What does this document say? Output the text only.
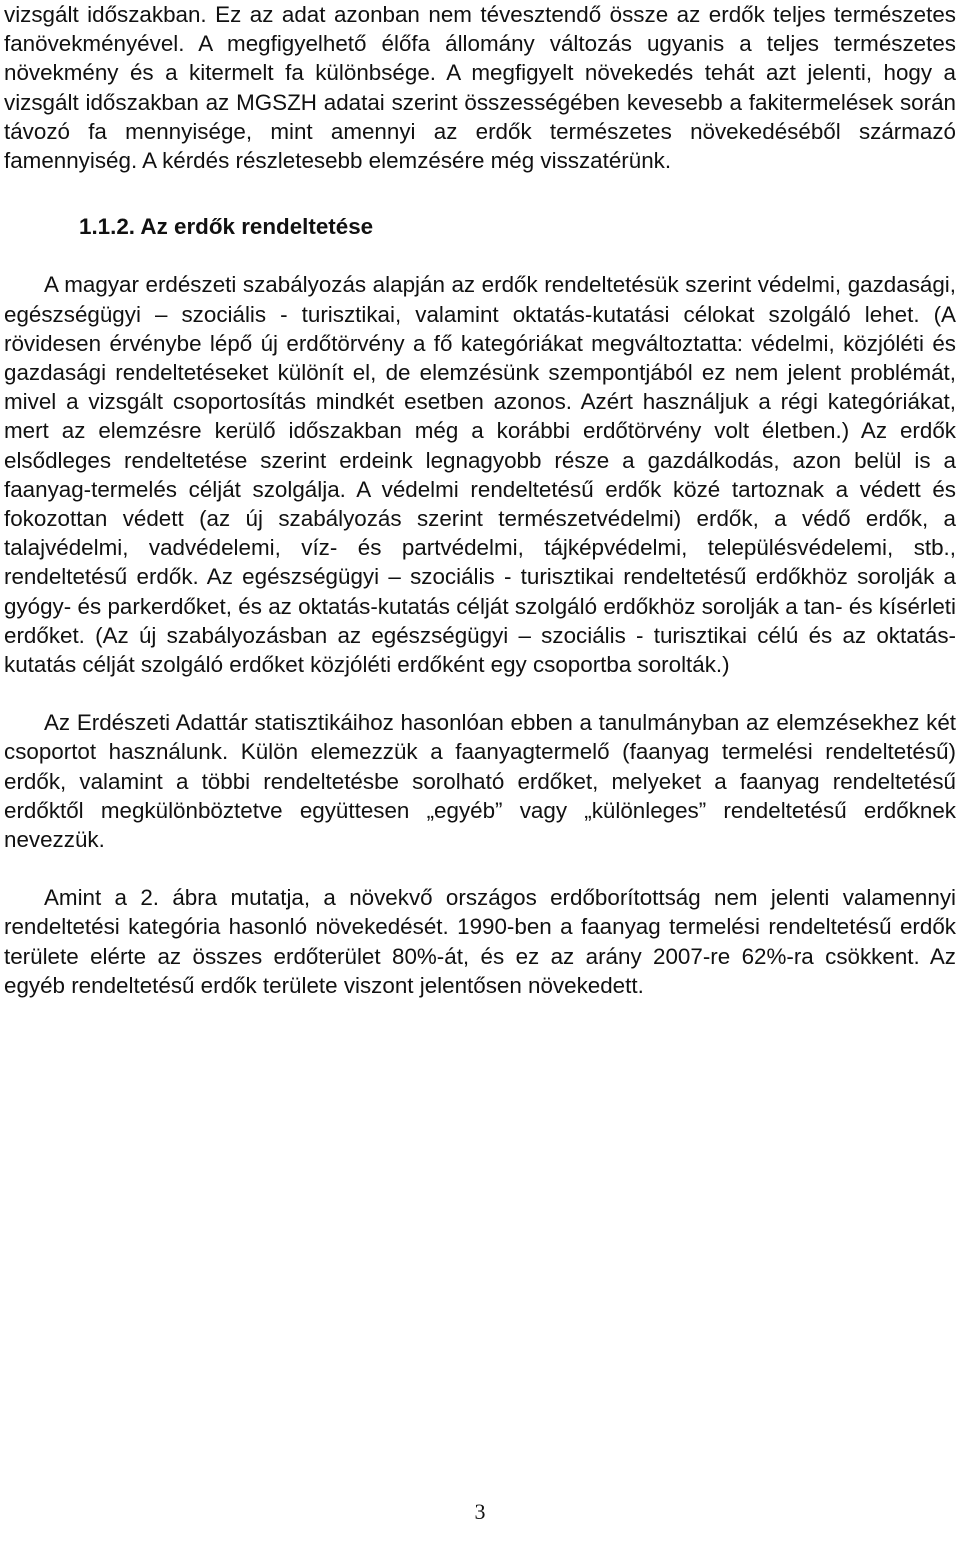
vizsgált időszakban. Ez az adat azonban nem tévesztendő össze az erdők teljes természetes fanövekményével. A megfigyelhető élőfa állomány változás ugyanis a teljes természetes növekmény és a kitermelt fa különbsége. A megfigyelt növekedés tehát azt jelenti, hogy a vizsgált időszakban az MGSZH adatai szerint összességében kevesebb a fakitermelések során távozó fa mennyisége, mint amennyi az erdők természetes növekedéséből származó famennyiség. A kérdés részletesebb elemzésére még visszatérünk.

1.1.2. Az erdők rendeltetése

A magyar erdészeti szabályozás alapján az erdők rendeltetésük szerint védelmi, gazdasági, egészségügyi – szociális - turisztikai, valamint oktatás-kutatási célokat szolgáló lehet. (A rövidesen érvénybe lépő új erdőtörvény a fő kategóriákat megváltoztatta: védelmi, közjóléti és gazdasági rendeltetéseket különít el, de elemzésünk szempontjából ez nem jelent problémát, mivel a vizsgált csoportosítás mindkét esetben azonos. Azért használjuk a régi kategóriákat, mert az elemzésre kerülő időszakban még a korábbi erdőtörvény volt életben.) Az erdők elsődleges rendeltetése szerint erdeink legnagyobb része a gazdálkodás, azon belül is a faanyag-termelés célját szolgálja. A védelmi rendeltetésű erdők közé tartoznak a védett és fokozottan védett (az új szabályozás szerint természetvédelmi) erdők, a védő erdők, a talajvédelmi, vadvédelemi, víz- és partvédelmi, tájképvédelmi, településvédelemi, stb., rendeltetésű erdők. Az egészségügyi – szociális - turisztikai rendeltetésű erdőkhöz sorolják a gyógy- és parkerdőket, és az oktatás-kutatás célját szolgáló erdőkhöz sorolják a tan- és kísérleti erdőket. (Az új szabályozásban az egészségügyi – szociális - turisztikai célú és az oktatás-kutatás célját szolgáló erdőket közjóléti erdőként egy csoportba sorolták.)

Az Erdészeti Adattár statisztikáihoz hasonlóan ebben a tanulmányban az elemzésekhez két csoportot használunk. Külön elemezzük a faanyagtermelő (faanyag termelési rendeltetésű) erdők, valamint a többi rendeltetésbe sorolható erdőket, melyeket a faanyag rendeltetésű erdőktől megkülönböztetve együttesen „egyéb” vagy „különleges” rendeltetésű erdőknek nevezzük.

Amint a 2. ábra mutatja, a növekvő országos erdőborítottság nem jelenti valamennyi rendeltetési kategória hasonló növekedését. 1990-ben a faanyag termelési rendeltetésű erdők területe elérte az összes erdőterület 80%-át, és ez az arány 2007-re 62%-ra csökkent. Az egyéb rendeltetésű erdők területe viszont jelentősen növekedett.

3
